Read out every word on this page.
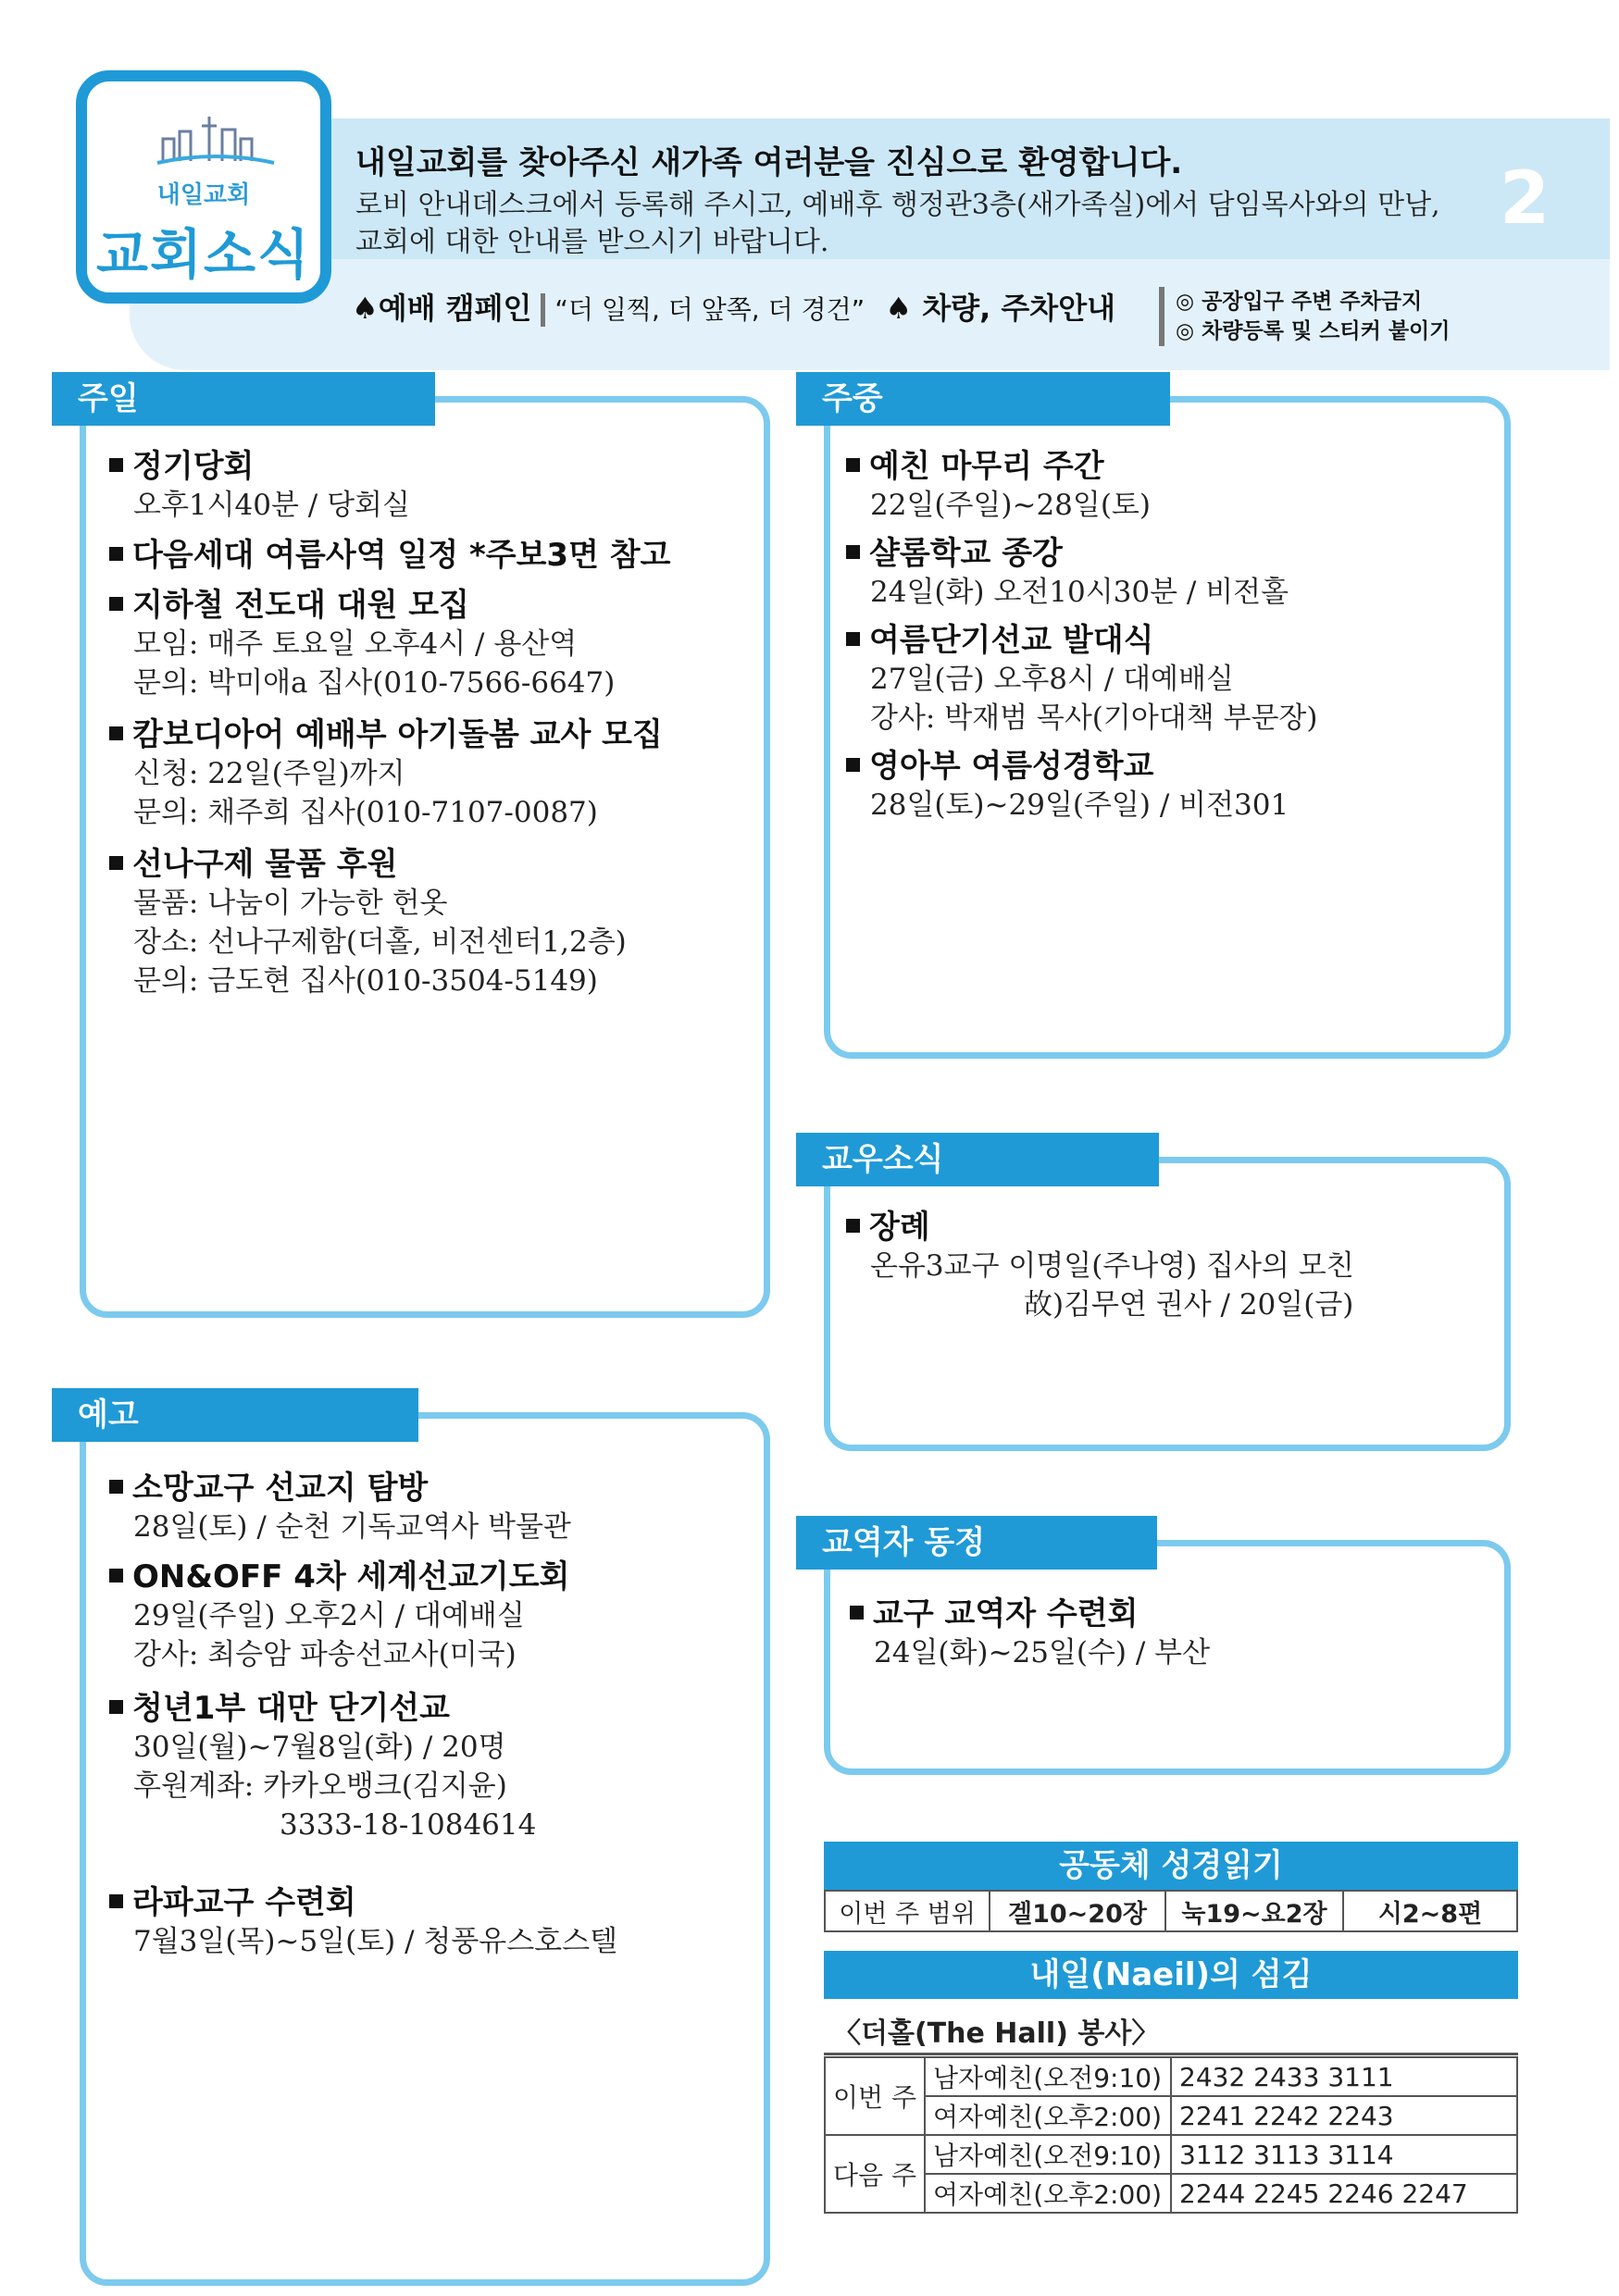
내일교회
교회소식
내일교회를 찾아주신 새가족 여러분을 진심으로 환영합니다.
로비 안내데스크에서 등록해 주시고, 예배후 행정관3층(새가족실)에서 담임목사와의 만남,
교회에 대한 안내를 받으시기 바랍니다.
2
♠예배 캠페인 “더 일찍, 더 앞쪽, 더 경건” ♠ 차량, 주차안내	◎ 공장입구 주변 주차금지
◎ 차량등록 및 스티커 붙이기
주일
정기당회
오후1시40분 / 당회실
다음세대 여름사역 일정 *주보3면 참고
지하철 전도대 대원 모집
모임: 매주 토요일 오후4시 / 용산역
문의: 박미애a 집사(010-7566-6647)
캄보디아어 예배부 아기돌봄 교사 모집
신청: 22일(주일)까지
문의: 채주희 집사(010-7107-0087)
선나구제 물품 후원
물품: 나눔이 가능한 헌옷
장소: 선나구제함(더홀, 비전센터1,2층)
문의: 금도현 집사(010-3504-5149)
주중
예친 마무리 주간
22일(주일)~28일(토)
샬롬학교 종강
24일(화) 오전10시30분 / 비전홀
여름단기선교 발대식
27일(금) 오후8시 / 대예배실
강사: 박재범 목사(기아대책 부문장)
영아부 여름성경학교
28일(토)~29일(주일) / 비전301
교우소식
장례
온유3교구 이명일(주나영) 집사의 모친
故)김무연 권사 / 20일(금)
예고
소망교구 선교지 탐방
28일(토) / 순천 기독교역사 박물관
ON&OFF 4차 세계선교기도회
29일(주일) 오후2시 / 대예배실
강사: 최승암 파송선교사(미국)
청년1부 대만 단기선교
30일(월)~7월8일(화) / 20명
후원계좌: 카카오뱅크(김지윤)
3333-18-1084614
라파교구 수련회
7월3일(목)~5일(토) / 청풍유스호스텔
교역자 동정
교구 교역자 수련회
24일(화)~25일(수) / 부산
공동체 성경읽기
이번 주 범위	겔10~20장	눅19~요2장	시2~8편
내일(Naeil)의 섬김
〈더홀(The Hall) 봉사〉
이번 주	남자예친(오전9:10)	2432 2433 3111
	여자예친(오후2:00)	2241 2242 2243
다음 주	남자예친(오전9:10)	3112 3113 3114
	여자예친(오후2:00)	2244 2245 2246 2247
